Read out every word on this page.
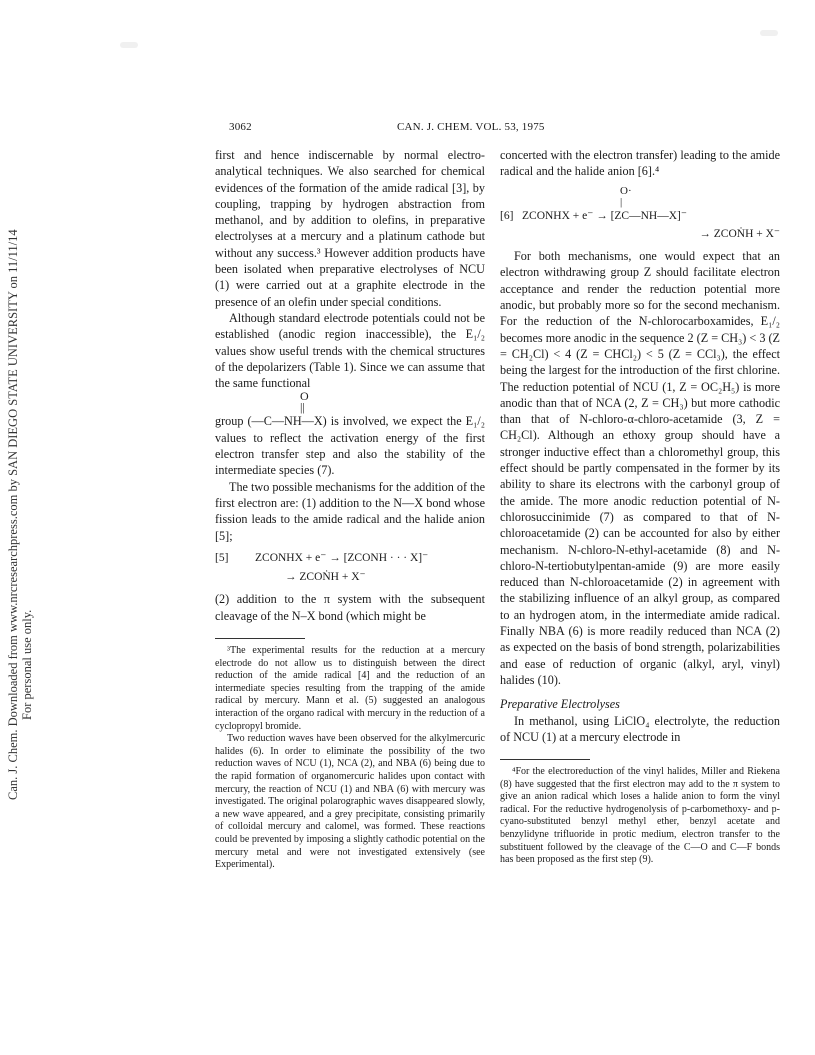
Can. J. Chem. Downloaded from www.nrcresearchpress.com by SAN DIEGO STATE UNIVERSITY on 11/11/14 For personal use only.
3062	CAN. J. CHEM. VOL. 53, 1975

first and hence indiscernable by normal electro-analytical techniques. We also searched for chemical evidences of the formation of the amide radical [3], by coupling, trapping by hydrogen abstraction from methanol, and by addition to olefins, in preparative electrolyses at a mercury and a platinum cathode but without any success.³ However addition products have been isolated when preparative electrolyses of NCU (1) were carried out at a graphite electrode in the presence of an olefin under special conditions.

Although standard electrode potentials could not be established (anodic region inaccessible), the E₁/₂ values show useful trends with the chemical structures of the depolarizers (Table 1). Since we can assume that the same functional

O
||

group (—C—NH—X) is involved, we expect the E₁/₂ values to reflect the activation energy of the first electron transfer step and also the stability of the intermediate species (7).

The two possible mechanisms for the addition of the first electron are: (1) addition to the N—X bond whose fission leads to the amide radical and the halide anion [5];

[5]	ZCONHX + e⁻ → [ZCONH · · · X]⁻
→ ZCOṄH + X⁻

(2) addition to the π system with the subsequent cleavage of the N–X bond (which might be

³The experimental results for the reduction at a mercury electrode do not allow us to distinguish between the direct reduction of the amide radical [4] and the reduction of an intermediate species resulting from the trapping of the amide radical by mercury. Mann et al. (5) suggested an analogous interaction of the organo radical with mercury in the reduction of a cyclopropyl bromide.

Two reduction waves have been observed for the alkylmercuric halides (6). In order to eliminate the possibility of the two reduction waves of NCU (1), NCA (2), and NBA (6) being due to the rapid formation of organomercuric halides upon contact with mercury, the reaction of NCU (1) and NBA (6) with mercury was investigated. The original polarographic waves disappeared slowly, a new wave appeared, and a grey precipitate, consisting primarily of colloidal mercury and calomel, was formed. These reactions could be prevented by imposing a slightly cathodic potential on the mercury metal and were not investigated extensively (see Experimental).

concerted with the electron transfer) leading to the amide radical and the halide anion [6].⁴

O·
|
[6] ZCONHX + e⁻ → [ZC—NH—X]⁻
→ ZCOṄH + X⁻

For both mechanisms, one would expect that an electron withdrawing group Z should facilitate electron acceptance and render the reduction potential more anodic, but probably more so for the second mechanism. For the reduction of the N-chlorocarboxamides, E₁/₂ becomes more anodic in the sequence 2 (Z = CH₃) < 3 (Z = CH₂Cl) < 4 (Z = CHCl₂) < 5 (Z = CCl₃), the effect being the largest for the introduction of the first chlorine. The reduction potential of NCU (1, Z = OC₂H₅) is more anodic than that of NCA (2, Z = CH₃) but more cathodic than that of N-chloro-α-chloro-acetamide (3, Z = CH₂Cl). Although an ethoxy group should have a stronger inductive effect than a chloromethyl group, this effect should be partly compensated in the former by its ability to share its electrons with the carbonyl group of the amide. The more anodic reduction potential of N-chlorosuccinimide (7) as compared to that of N-chloroacetamide (2) can be accounted for also by either mechanism. N-chloro-N-ethyl-acetamide (8) and N-chloro-N-tertiobutylpentan-amide (9) are more easily reduced than N-chloroacetamide (2) in agreement with the stabilizing influence of an alkyl group, as compared to an hydrogen atom, in the intermediate amide radical. Finally NBA (6) is more readily reduced than NCA (2) as expected on the basis of bond strength, polarizabilities and ease of reduction of organic (alkyl, aryl, vinyl) halides (10).

Preparative Electrolyses

In methanol, using LiClO₄ electrolyte, the reduction of NCU (1) at a mercury electrode in

⁴For the electroreduction of the vinyl halides, Miller and Riekena (8) have suggested that the first electron may add to the π system to give an anion radical which loses a halide anion to form the vinyl radical. For the reductive hydrogenolysis of p-carbomethoxy- and p-cyano-substituted benzyl methyl ether, benzyl acetate and benzylidyne trifluoride in protic medium, electron transfer to the substituent followed by the cleavage of the C—O and C—F bonds has been proposed as the first step (9).
